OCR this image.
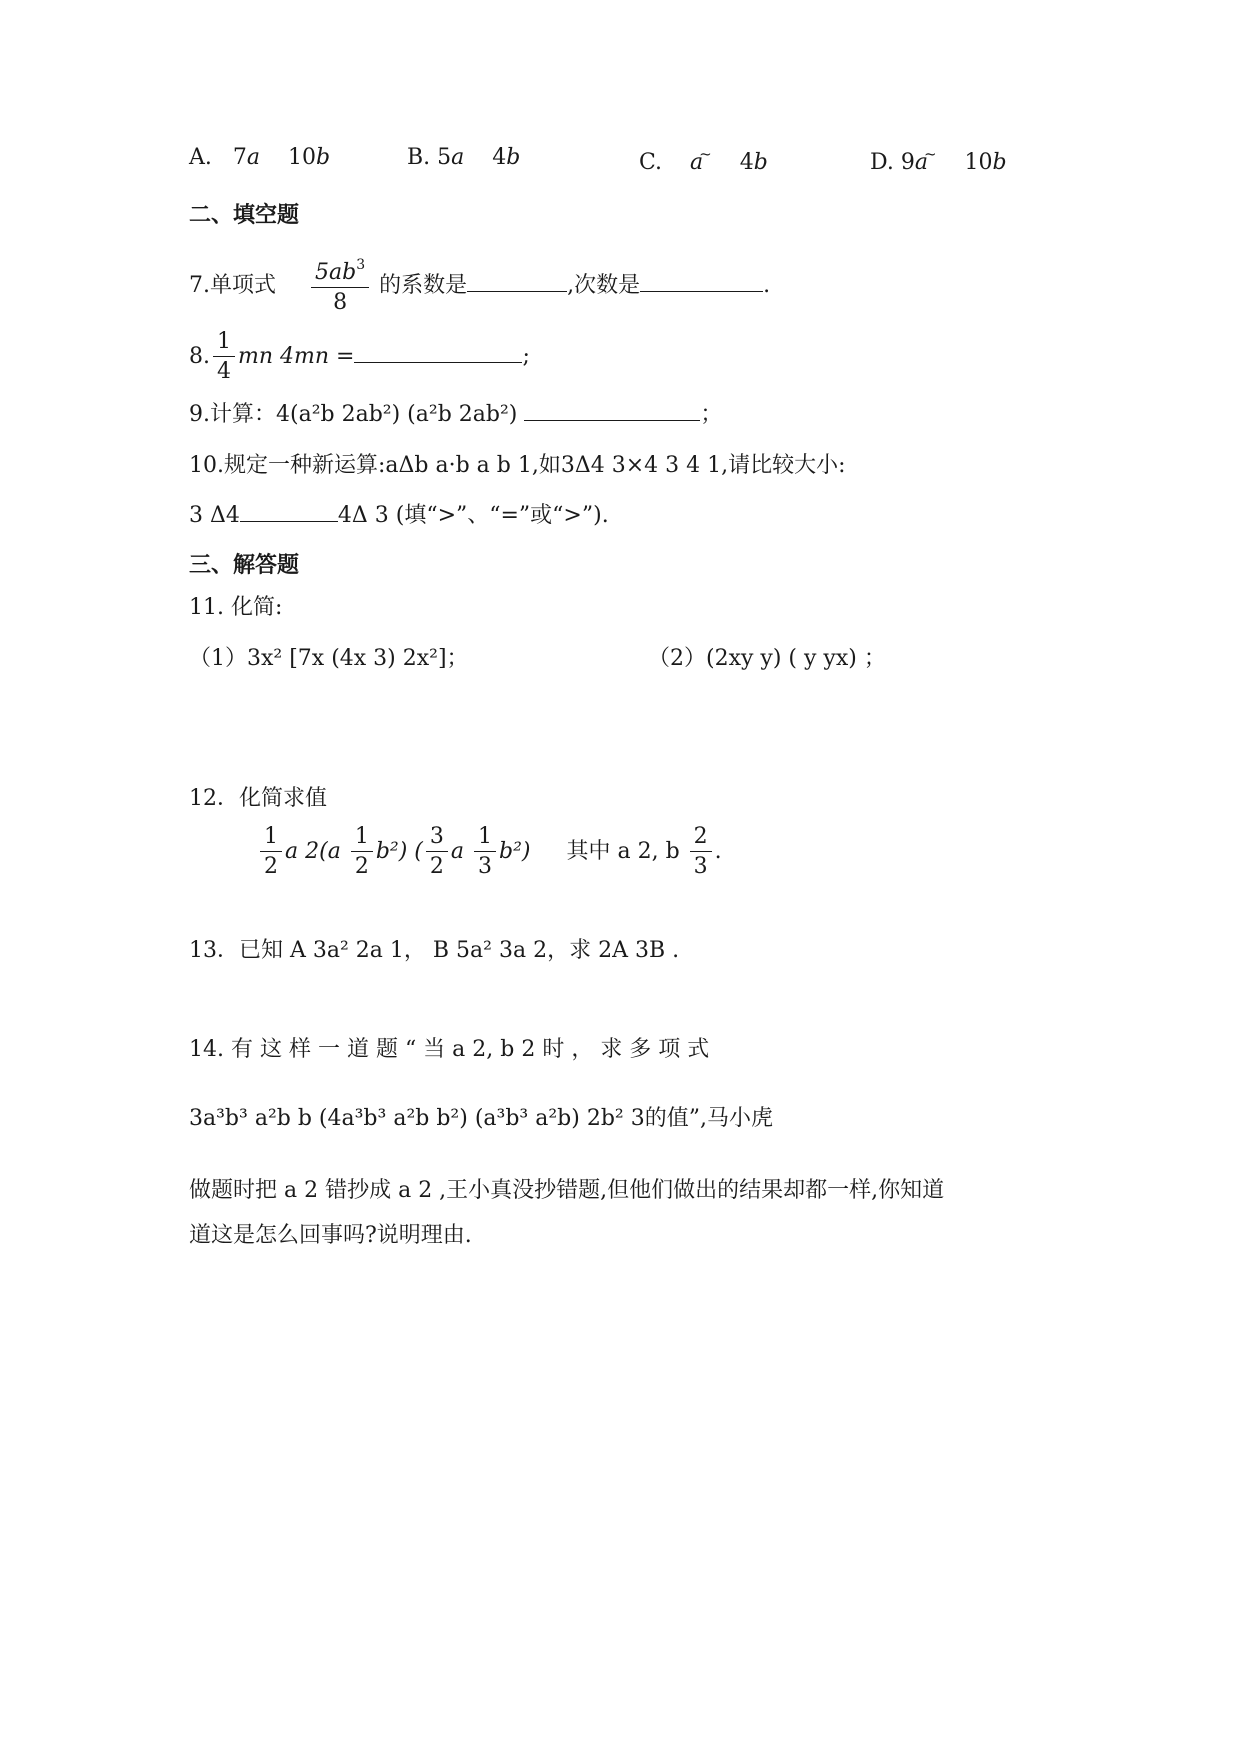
A.   7a    10b	B. 5a    4b	C.    a~    4b	D. 9a~    10b
二、填空题
7.单项式 $\frac{5ab^3}{8}$ 的系数是	,次数是	.
8. $\frac{1}{4}$ mn 4mn =	;
9.计算：4(a²b 2ab²) (a²b 2ab²)	；
10.规定一种新运算:aΔb a·b a b 1,如3Δ4 3×4 3 4 1,请比较大小:
3 Δ4	4Δ 3 (填“>”、“=”或“>”).
三、解答题
11. 化简:
（1）3x² [7x (4x 3) 2x²]；	（2）(2xy y) ( y yx) ；
12．化简求值
$\frac{1}{2}$ a $2(a \frac{1}{2} b^2)$ ( $\frac{3}{2}$ a $\frac{1}{3} b^2$) 其中 a 2, b $\frac{2}{3}$ .
13．已知 A 3a² 2a 1， B 5a² 3a 2，求 2A 3B .
14. 有 这 样 一 道 题 “ 当 a 2, b 2 时 ， 求 多 项 式
3a³b³ a²b b (4a³b³ a²b b²) (a³b³ a²b) 2b² 3的值”,马小虎
做题时把 a 2 错抄成 a 2 ,王小真没抄错题,但他们做出的结果却都一样,你知道
道这是怎么回事吗?说明理由.
